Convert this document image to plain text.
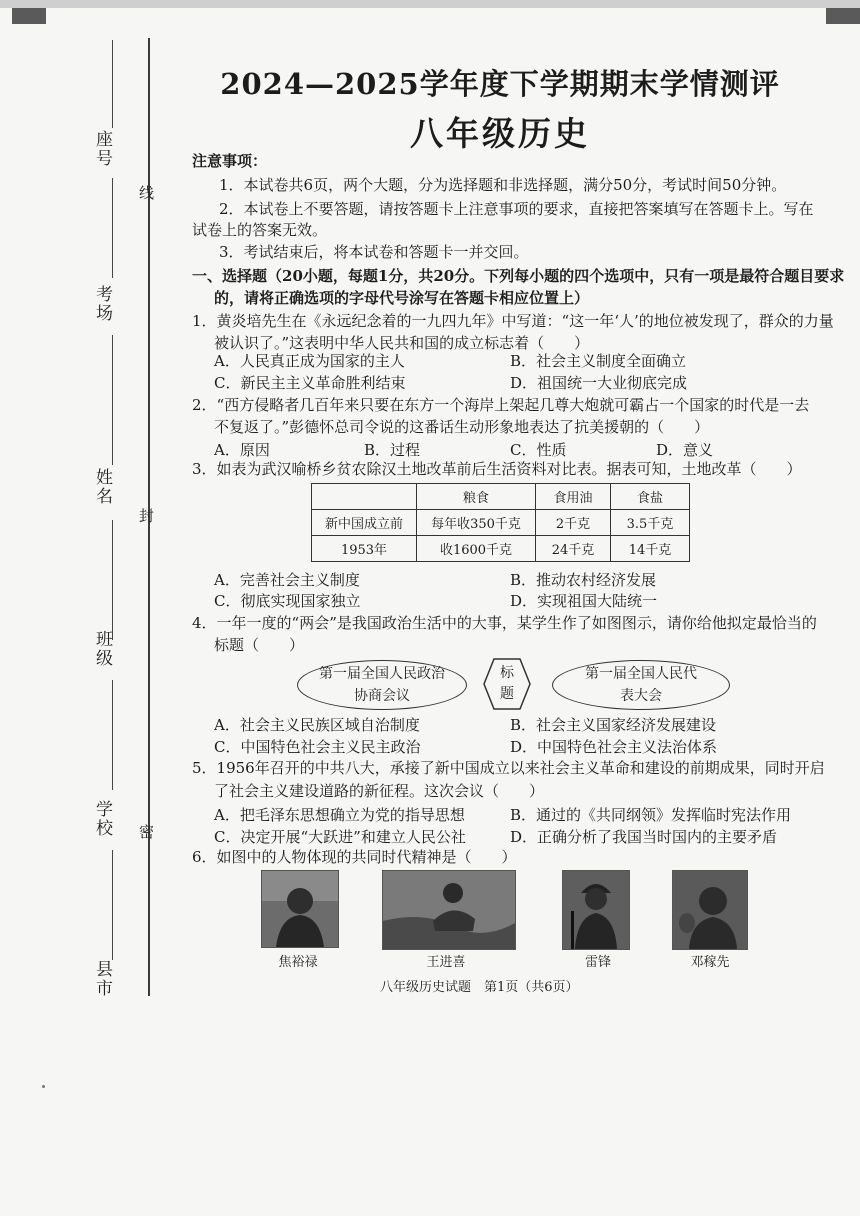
座号
线
考场
姓名
封
班级
学校 密
县市
2024—2025学年度下学期期末学情测评
八年级历史
注意事项：
1．本试卷共6页，两个大题，分为选择题和非选择题，满分50分，考试时间50分钟。
2．本试卷上不要答题，请按答题卡上注意事项的要求，直接把答案填写在答题卡上。写在
试卷上的答案无效。
3．考试结束后，将本试卷和答题卡一并交回。
一、选择题（20小题，每题1分，共20分。下列每小题的四个选项中，只有一项是最符合题目要求
的，请将正确选项的字母代号涂写在答题卡相应位置上）
1．黄炎培先生在《永远纪念着的一九四九年》中写道：“这一年‘人’的地位被发现了，群众的力量
被认识了。”这表明中华人民共和国的成立标志着（　　）
A．人民真正成为国家的主人	B．社会主义制度全面确立
C．新民主主义革命胜利结束	D．祖国统一大业彻底完成
2．“西方侵略者几百年来只要在东方一个海岸上架起几尊大炮就可霸占一个国家的时代是一去
不复返了。”彭德怀总司令说的这番话生动形象地表达了抗美援朝的（　　）
A．原因	B．过程	C．性质	D．意义
3．如表为武汉喻桥乡贫农除汉土地改革前后生活资料对比表。据表可知，土地改革（　　）
	粮食	食用油	食盐
新中国成立前	每年收350千克	2千克	3.5千克
1953年	收1600千克	24千克	14千克
A．完善社会主义制度	B．推动农村经济发展
C．彻底实现国家独立	D．实现祖国大陆统一
4．一年一度的“两会”是我国政治生活中的大事，某学生作了如图图示，请你给他拟定最恰当的
标题（　　）
第一届全国人民政治协商会议
标题
第一届全国人民代表大会
A．社会主义民族区域自治制度	B．社会主义国家经济发展建设
C．中国特色社会主义民主政治	D．中国特色社会主义法治体系
5．1956年召开的中共八大，承接了新中国成立以来社会主义革命和建设的前期成果，同时开启
了社会主义建设道路的新征程。这次会议（　　）
A．把毛泽东思想确立为党的指导思想	B．通过的《共同纲领》发挥临时宪法作用
C．决定开展“大跃进”和建立人民公社	D．正确分析了我国当时国内的主要矛盾
6．如图中的人物体现的共同时代精神是（　　）
焦裕禄	王进喜	雷锋	邓稼先
八年级历史试题　第1页（共6页）
